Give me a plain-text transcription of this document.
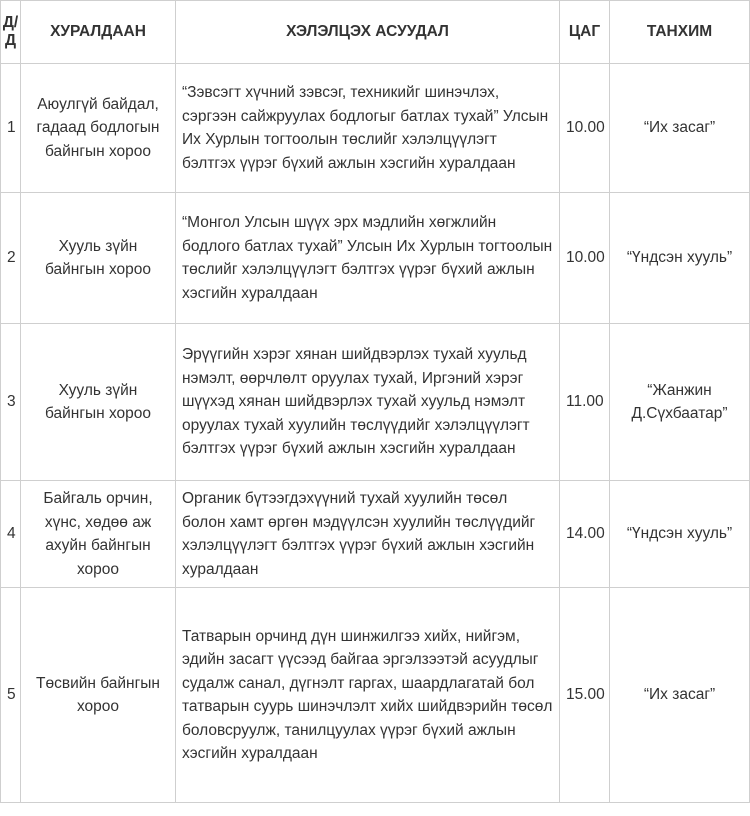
Д/Д	ХУРАЛДААН	ХЭЛЭЛЦЭХ АСУУДАЛ	ЦАГ	ТАНХИМ
1	Аюулгүй байдал, гадаад бодлогын байнгын хороо	“Зэвсэгт хүчний зэвсэг, техникийг шинэчлэх, сэргээн сайжруулах бодлогыг батлах тухай” Улсын Их Хурлын тогтоолын төслийг хэлэлцүүлэгт бэлтгэх үүрэг бүхий ажлын хэсгийн хуралдаан	10.00	“Их засаг”
2	Хууль зүйн байнгын хороо	“Монгол Улсын шүүх эрх мэдлийн хөгжлийн бодлого батлах тухай” Улсын Их Хурлын тогтоолын төслийг хэлэлцүүлэгт бэлтгэх үүрэг бүхий ажлын    хэсгийн хуралдаан	10.00	“Үндсэн хууль”
3	Хууль зүйн байнгын хороо	Эрүүгийн хэрэг хянан шийдвэрлэх тухай хуульд нэмэлт, өөрчлөлт оруулах тухай, Иргэний хэрэг шүүхэд хянан шийдвэрлэх тухай хуульд нэмэлт оруулах тухай хуулийн төслүүдийг хэлэлцүүлэгт бэлтгэх үүрэг бүхий ажлын хэсгийн хуралдаан	11.00	“Жанжин Д.Сүхбаатар”
4	Байгаль орчин, хүнс, хөдөө аж ахуйн байнгын хороо	Органик бүтээгдэхүүний тухай хуулийн төсөл болон хамт өргөн мэдүүлсэн хуулийн төслүүдийг хэлэлцүүлэгт бэлтгэх үүрэг бүхий ажлын хэсгийн хуралдаан	14.00	“Үндсэн хууль”
5	Төсвийн байнгын хороо	Татварын орчинд дүн шинжилгээ хийх, нийгэм, эдийн засагт үүсээд байгаа эргэлзээтэй асуудлыг судалж санал, дүгнэлт гаргах, шаардлагатай бол татварын суурь шинэчлэлт хийх шийдвэрийн төсөл боловсруулж, танилцуулах үүрэг бүхий ажлын хэсгийн хуралдаан	15.00	“Их засаг”
